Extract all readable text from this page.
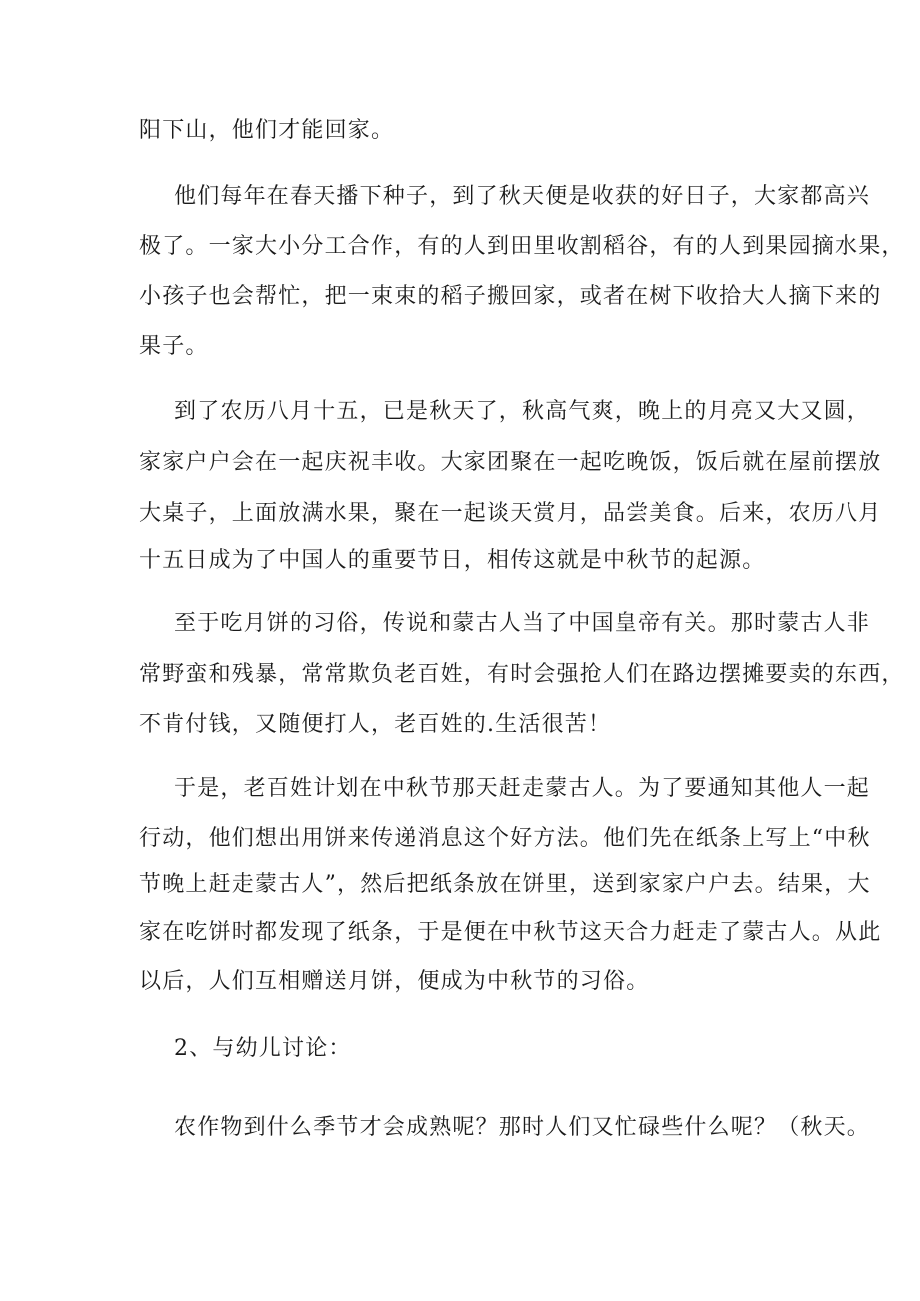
阳下山，他们才能回家。
他们每年在春天播下种子，到了秋天便是收获的好日子，大家都高兴
极了。一家大小分工合作，有的人到田里收割稻谷，有的人到果园摘水果，
小孩子也会帮忙，把一束束的稻子搬回家，或者在树下收拾大人摘下来的
果子。
到了农历八月十五，已是秋天了，秋高气爽，晚上的月亮又大又圆，
家家户户会在一起庆祝丰收。大家团聚在一起吃晚饭，饭后就在屋前摆放
大桌子，上面放满水果，聚在一起谈天赏月，品尝美食。后来，农历八月
十五日成为了中国人的重要节日，相传这就是中秋节的起源。
至于吃月饼的习俗，传说和蒙古人当了中国皇帝有关。那时蒙古人非
常野蛮和残暴，常常欺负老百姓，有时会强抢人们在路边摆摊要卖的东西，
不肯付钱，又随便打人，老百姓的.生活很苦！
于是，老百姓计划在中秋节那天赶走蒙古人。为了要通知其他人一起
行动，他们想出用饼来传递消息这个好方法。他们先在纸条上写上“中秋
节晚上赶走蒙古人”，然后把纸条放在饼里，送到家家户户去。结果，大
家在吃饼时都发现了纸条，于是便在中秋节这天合力赶走了蒙古人。从此
以后，人们互相赠送月饼，便成为中秋节的习俗。
2、与幼儿讨论：
农作物到什么季节才会成熟呢？那时人们又忙碌些什么呢？（秋天。
